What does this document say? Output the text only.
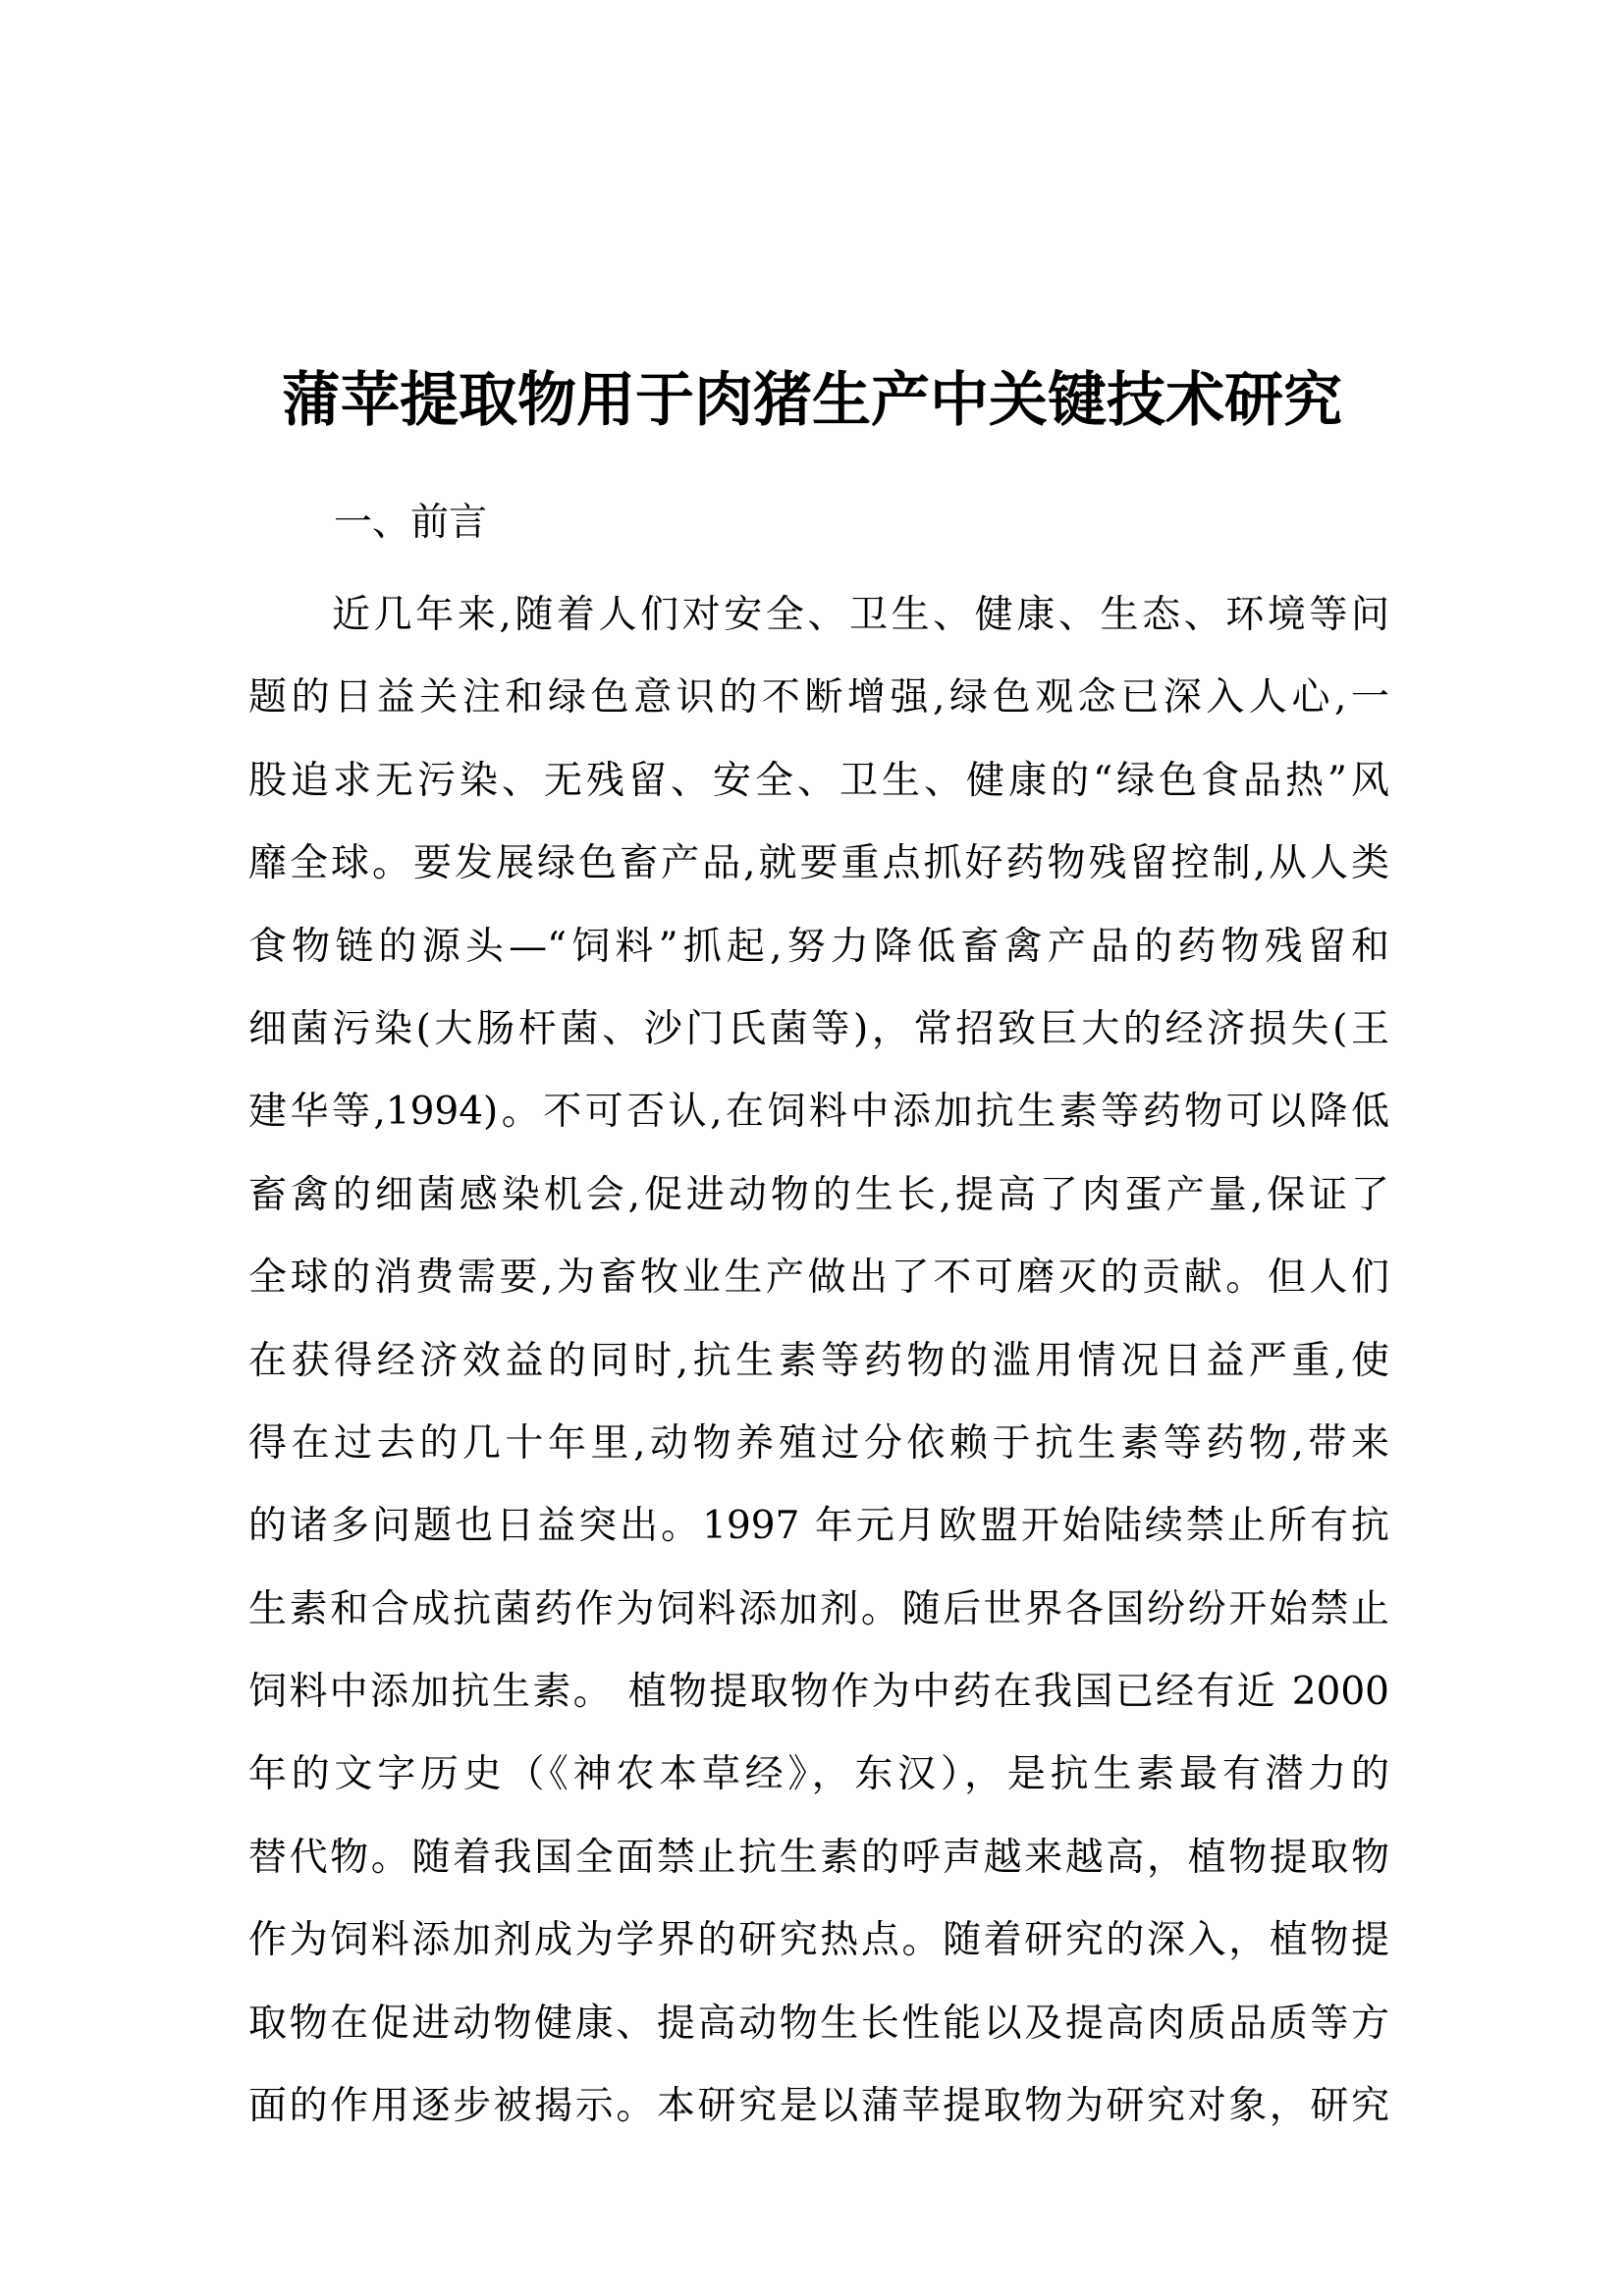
蒲苹提取物用于肉猪生产中关键技术研究
一、前言
近几年来,随着人们对安全、卫生、健康、生态、环境等问
题的日益关注和绿色意识的不断增强,绿色观念已深入人心,一
股追求无污染、无残留、安全、卫生、健康的“绿色食品热”风
靡全球。要发展绿色畜产品,就要重点抓好药物残留控制,从人类
食物链的源头—“饲料”抓起,努力降低畜禽产品的药物残留和
细菌污染(大肠杆菌、沙门氏菌等)，常招致巨大的经济损失(王
建华等,1994)。不可否认,在饲料中添加抗生素等药物可以降低
畜禽的细菌感染机会,促进动物的生长,提高了肉蛋产量,保证了
全球的消费需要,为畜牧业生产做出了不可磨灭的贡献。但人们
在获得经济效益的同时,抗生素等药物的滥用情况日益严重,使
得在过去的几十年里,动物养殖过分依赖于抗生素等药物,带来
的诸多问题也日益突出。1997 年元月欧盟开始陆续禁止所有抗
生素和合成抗菌药作为饲料添加剂。随后世界各国纷纷开始禁止
饲料中添加抗生素。 植物提取物作为中药在我国已经有近 2000
年的文字历史（《神农本草经》，东汉），是抗生素最有潜力的
替代物。随着我国全面禁止抗生素的呼声越来越高，植物提取物
作为饲料添加剂成为学界的研究热点。随着研究的深入，植物提
取物在促进动物健康、提高动物生长性能以及提高肉质品质等方
面的作用逐步被揭示。本研究是以蒲苹提取物为研究对象，研究
